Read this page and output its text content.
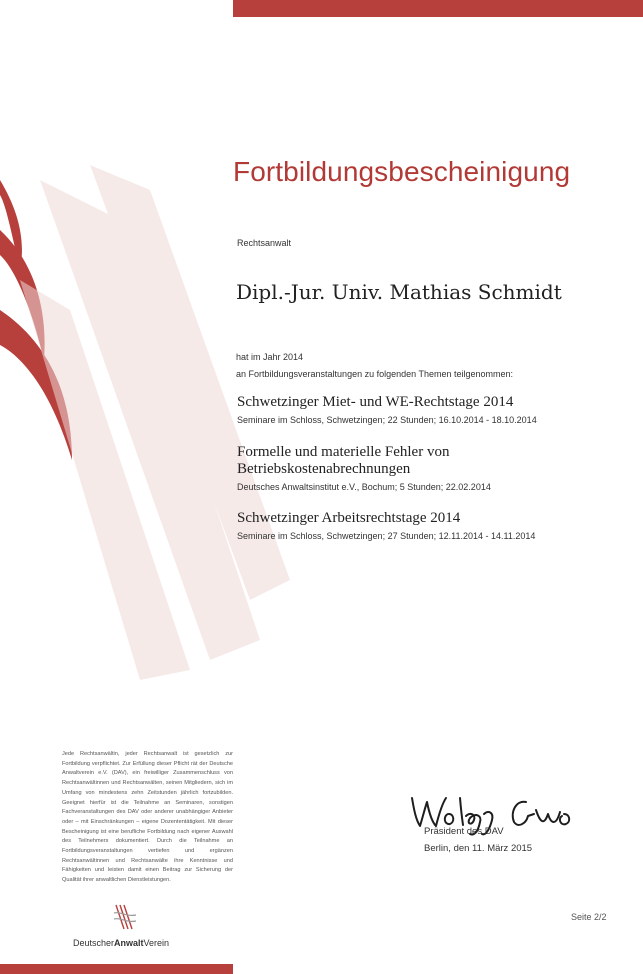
Fortbildungsbescheinigung
Rechtsanwalt
Dipl.-Jur. Univ. Mathias Schmidt
hat im Jahr 2014
an Fortbildungsveranstaltungen zu folgenden Themen teilgenommen:
Schwetzinger Miet- und WE-Rechtstage 2014
Seminare im Schloss, Schwetzingen; 22 Stunden; 16.10.2014 - 18.10.2014
Formelle und materielle Fehler von Betriebskostenabrechnungen
Deutsches Anwaltsinstitut e.V., Bochum; 5 Stunden; 22.02.2014
Schwetzinger Arbeitsrechtstage 2014
Seminare im Schloss, Schwetzingen; 27 Stunden; 12.11.2014 - 14.11.2014
Jede Rechtsanwältin, jeder Rechtsanwalt ist gesetzlich zur Fortbildung verpflichtet. Zur Erfüllung dieser Pflicht rät der Deutsche Anwaltverein e.V. (DAV), ein freiwilliger Zusammenschluss von Rechtsanwältinnen und Rechtsanwälten, seinen Mitgliedern, sich im Umfang von mindestens zehn Zeitstunden jährlich fortzubilden. Geeignet hierfür ist die Teilnahme an Seminaren, sonstigen Fachveranstaltungen des DAV oder anderer unabhängiger Anbieter oder – mit Einschränkungen – eigene Dozententätigkeit. Mit dieser Bescheinigung ist eine berufliche Fortbildung nach eigener Auswahl des Teilnehmers dokumentiert. Durch die Teilnahme an Fortbildungsveranstaltungen vertiefen und ergänzen Rechtsanwältinnen und Rechtsanwälte ihre Kenntnisse und Fähigkeiten und leisten damit einen Beitrag zur Sicherung der Qualität ihrer anwaltlichen Dienstleistungen.
Präsident des DAV
Berlin, den 11. März 2015
Seite 2/2
DeutscherAnwaltVerein
